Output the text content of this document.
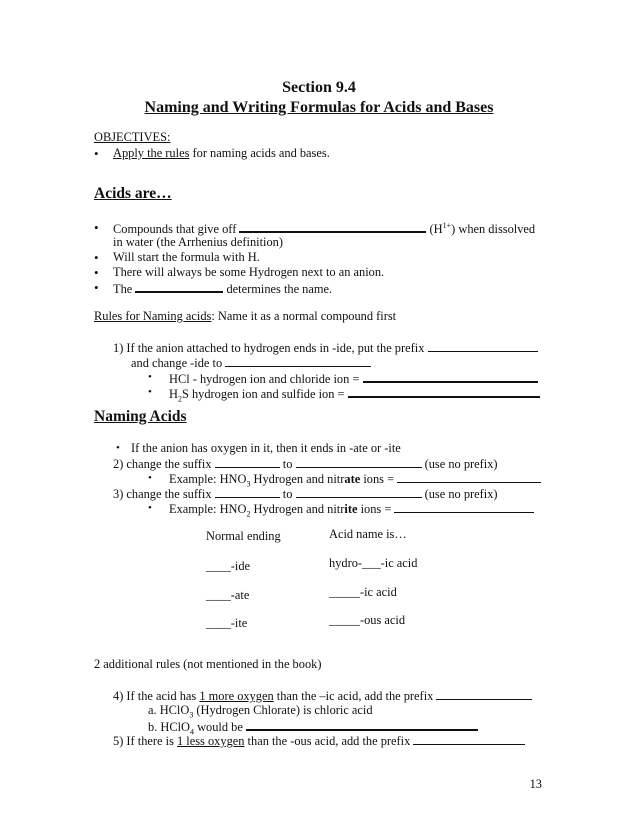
Section 9.4
Naming and Writing Formulas for Acids and Bases
OBJECTIVES:
• Apply the rules for naming acids and bases.
Acids are…
• Compounds that give off	$(H^{1+})$ when dissolved
in water (the Arrhenius definition)
• Will start the formula with H.
• There will always be some Hydrogen next to an anion.
• The	determines the name.
Rules for Naming acids: Name it as a normal compound first
1) If the anion attached to hydrogen ends in -ide, put the prefix
and change -ide to
• HCl - hydrogen ion and chloride ion =
• $H_2S$ hydrogen ion and sulfide ion =
Naming Acids
• If the anion has oxygen in it, then it ends in -ate or -ite
2) change the suffix	to	(use no prefix)
• Example: $HNO_3$ Hydrogen and nitrate ions =
3) change the suffix	to	(use no prefix)
• Example: $HNO_2$ Hydrogen and nitrite ions =
Normal ending	Acid name is…
____-ide	hydro-___-ic acid
____-ate	_____-ic acid
____-ite	_____-ous acid
2 additional rules (not mentioned in the book)
4) If the acid has 1 more oxygen than the –ic acid, add the prefix
a. HClO$_3$ (Hydrogen Chlorate) is chloric acid
b. HClO$_4$ would be
5) If there is 1 less oxygen than the -ous acid, add the prefix
13
